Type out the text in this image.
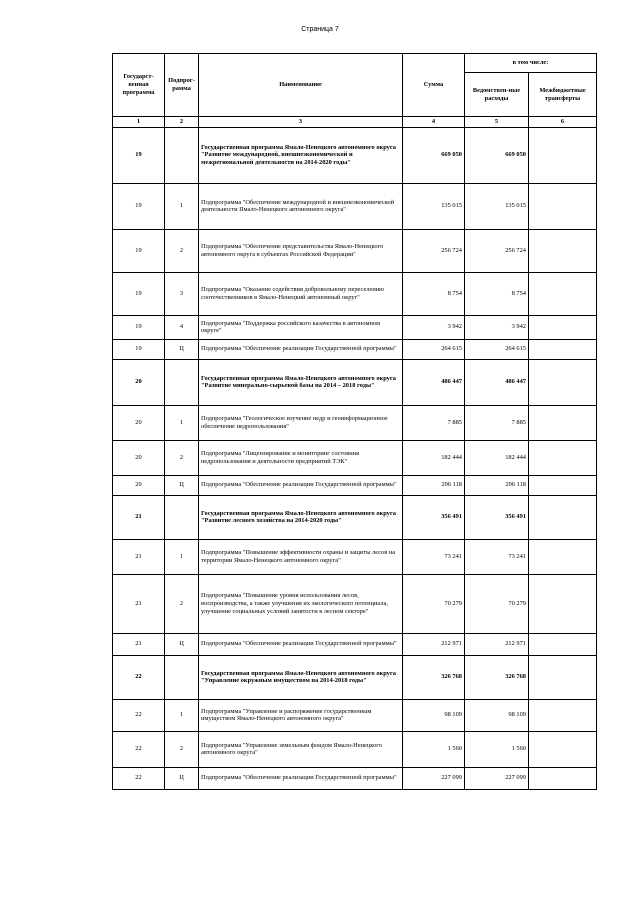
Страница 7
Государст-венная программа	Подпрог-рамма	Наименование	Сумма	в том числе:	
				Ведомствен-ные расходы	Межбюджетные трансферты
1	2	3	4	5	6
19		Государственная программа Ямало-Ненецкого автономного округа "Развитие международной, внешнеэкономической и межрегиональной деятельности на 2014-2020 годы"	669 050	669 050	
19	1	Подпрограмма "Обеспечение международной и внешнеэкономической деятельности Ямало-Ненецкого автономного округа"	135 015	135 015	
19	2	Подпрограмма "Обеспечение представительства Ямало-Ненецкого автономного округа в субъектах Российской Федерации"	256 724	256 724	
19	3	Подпрограмма "Оказание содействия добровольному переселению соотечественников в Ямало-Ненецкий автономный округ"	8 754	8 754	
19	4	Подпрограмма "Поддержка российского казачества в автономном округе"	3 942	3 942	
19	Ц	Подпрограмма "Обеспечение реализации Государственной программы"	264 615	264 615	
20		Государственная программа Ямало-Ненецкого автономного округа "Развитие минерально-сырьевой базы на 2014 – 2018 годы"	486 447	486 447	
20	1	Подпрограмма "Геологическое изучение недр и геоинформационное обеспечение недропользования"	7 885	7 885	
20	2	Подпрограмма "Лицензирование и мониторинг состояния недропользования и деятельности предприятий ТЭК"	182 444	182 444	
20	Ц	Подпрограмма "Обеспечение реализации Государственной программы"	296 118	296 118	
21		Государственная программа Ямало-Ненецкого автономного округа "Развитие лесного хозяйства на 2014-2020 годы"	356 491	356 491	
21	1	Подпрограмма "Повышение эффективности охраны и защиты лесов на территории Ямало-Ненецкого автономного округа"	73 241	73 241	
21	2	Подпрограмма "Повышение уровня использования лесов, воспроизводства, а также улучшения их экологического потенциала, улучшение социальных условий занятости в лесном секторе"	70 279	70 279	
21	Ц	Подпрограмма "Обеспечение реализации Государственной программы"	212 971	212 971	
22		Государственная программа Ямало-Ненецкого автономного округа "Управление окружным имуществом на 2014-2018 годы"	326 768	326 768	
22	1	Подпрограмма "Управление и распоряжение государственным имуществом Ямало-Ненецкого автономного округа"	98 109	98 109	
22	2	Подпрограмма "Управление земельным фондом Ямало-Ненецкого автономного округа"	1 560	1 560	
22	Ц	Подпрограмма "Обеспечение реализации Государственной программы"	227 099	227 099	
